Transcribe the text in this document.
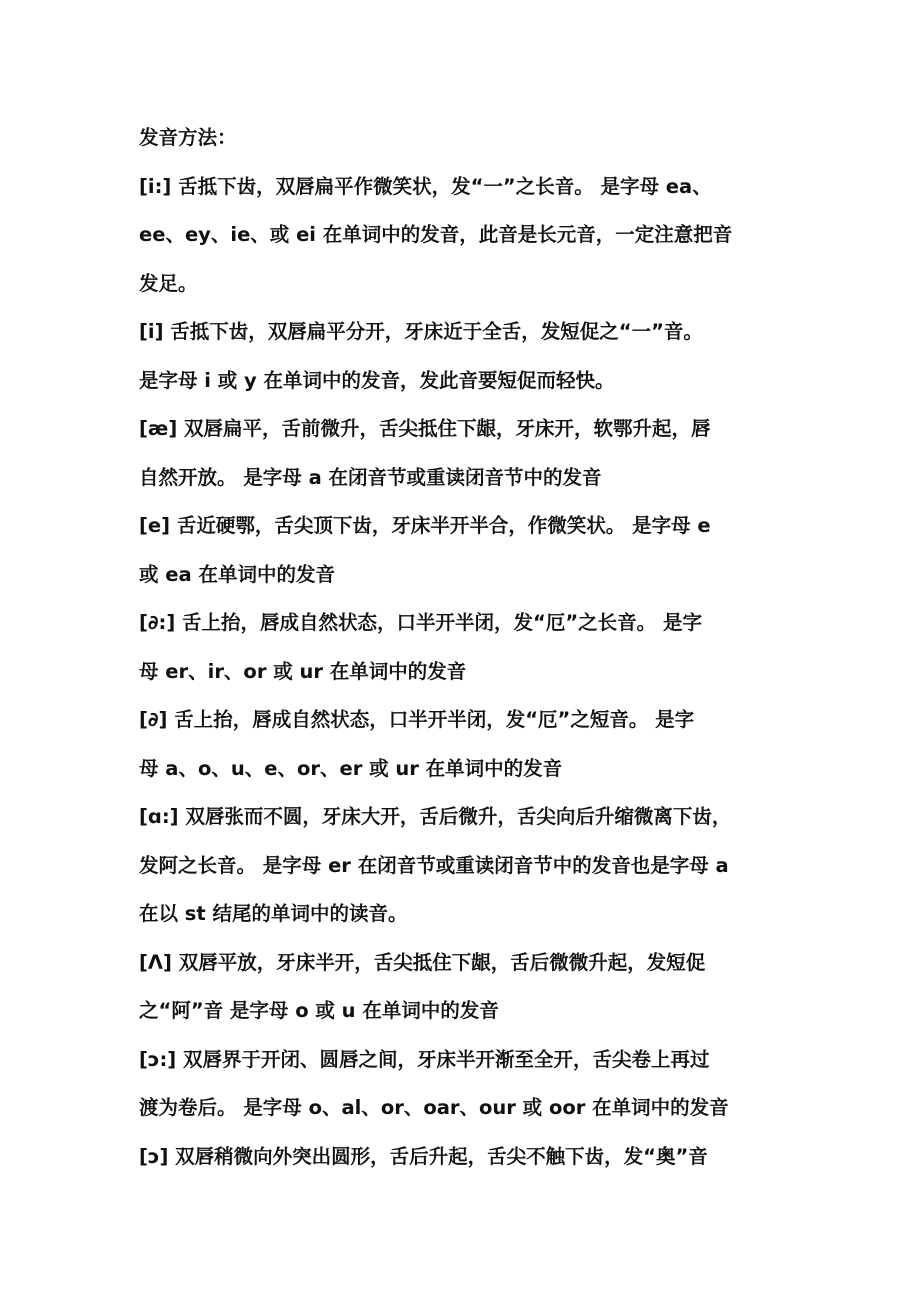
发音方法：
[i:] 舌抵下齿，双唇扁平作微笑状，发“一”之长音。 是字母 ea、
ee、ey、ie、或 ei 在单词中的发音，此音是长元音，一定注意把音
发足。
[i] 舌抵下齿，双唇扁平分开，牙床近于全舌，发短促之“一”音。
是字母 i 或 y 在单词中的发音，发此音要短促而轻快。
[æ] 双唇扁平，舌前微升，舌尖抵住下龈，牙床开，软鄂升起，唇
自然开放。 是字母 a 在闭音节或重读闭音节中的发音
[e] 舌近硬鄂，舌尖顶下齿，牙床半开半合，作微笑状。 是字母 e
或 ea 在单词中的发音
[∂:] 舌上抬，唇成自然状态，口半开半闭，发“厄”之长音。 是字
母 er、ir、or 或 ur 在单词中的发音
[∂] 舌上抬，唇成自然状态，口半开半闭，发“厄”之短音。 是字
母 a、o、u、e、or、er 或 ur 在单词中的发音
[ɑ:] 双唇张而不圆，牙床大开，舌后微升，舌尖向后升缩微离下齿，
发阿之长音。 是字母 er 在闭音节或重读闭音节中的发音也是字母 a
在以 st 结尾的单词中的读音。
[Λ] 双唇平放，牙床半开，舌尖抵住下龈，舌后微微升起，发短促
之“阿”音 是字母 o 或 u 在单词中的发音
[ɔ:] 双唇界于开闭、圆唇之间，牙床半开渐至全开，舌尖卷上再过
渡为卷后。 是字母 o、al、or、oar、our 或 oor 在单词中的发音
[ɔ] 双唇稍微向外突出圆形，舌后升起，舌尖不触下齿，发“奥”音
